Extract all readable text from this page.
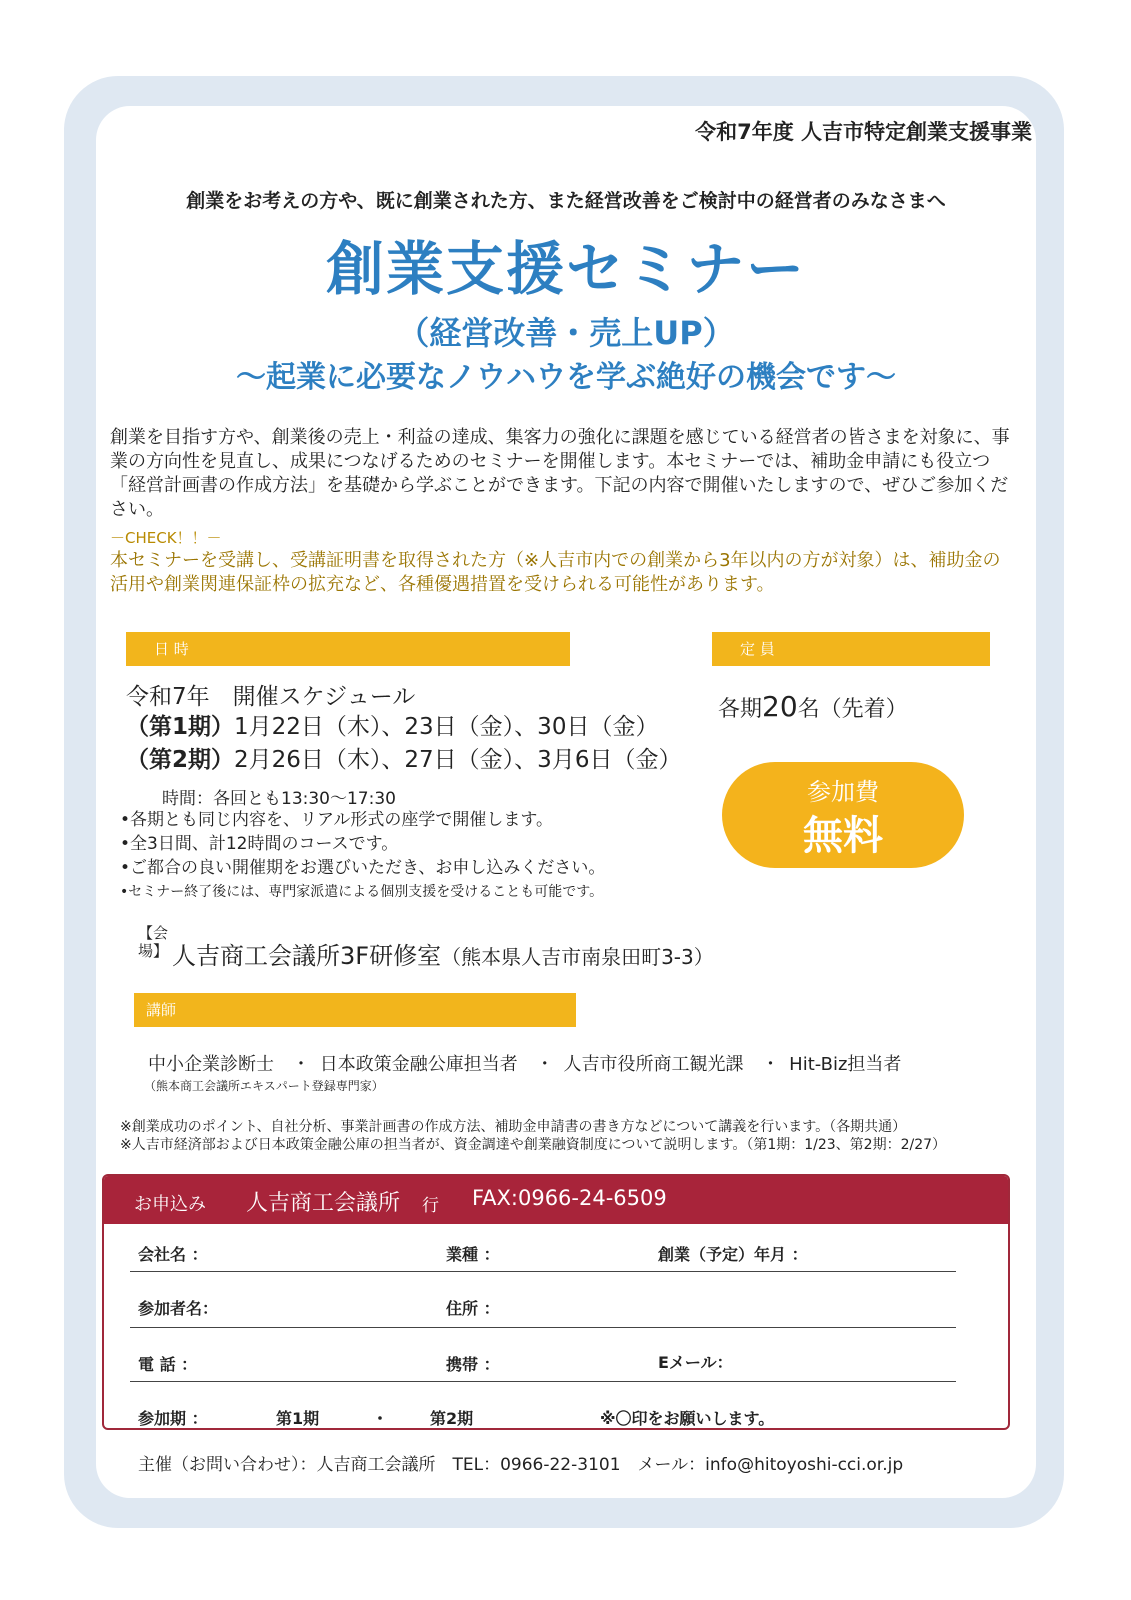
令和7年度 人吉市特定創業支援事業
創業をお考えの方や、既に創業された方、また経営改善をご検討中の経営者のみなさまへ
創業支援セミナー
（経営改善・売上UP）
～起業に必要なノウハウを学ぶ絶好の機会です～
創業を目指す方や、創業後の売上・利益の達成、集客力の強化に課題を感じている経営者の皆さまを対象に、事業の方向性を見直し、成果につなげるためのセミナーを開催します。本セミナーでは、補助金申請にも役立つ「経営計画書の作成方法」を基礎から学ぶことができます。下記の内容で開催いたしますので、ぜひご参加ください。
－CHECK！！－
本セミナーを受講し、受講証明書を取得された方（※人吉市内での創業から3年以内の方が対象）は、補助金の活用や創業関連保証枠の拡充など、各種優遇措置を受けられる可能性があります。
日 時	定 員
令和7年　開催スケジュール
（第1期）1月22日（木）、23日（金）、30日（金）
（第2期）2月26日（木）、27日（金）、3月6日（金）
時間：各回とも13:30～17:30
•各期とも同じ内容を、リアル形式の座学で開催します。
•全3日間、計12時間のコースです。
•ご都合の良い開催期をお選びいただき、お申し込みください。
•セミナー終了後には、専門家派遣による個別支援を受けることも可能です。
各期20名（先着）
参加費
無料
【会場】 人吉商工会議所3F研修室（熊本県人吉市南泉田町3-3）
講師
中小企業診断士　・ 日本政策金融公庫担当者　・ 人吉市役所商工観光課　・ Hit-Biz担当者
（熊本商工会議所エキスパート登録専門家）
※創業成功のポイント、自社分析、事業計画書の作成方法、補助金申請書の書き方などについて講義を行います。（各期共通）
※人吉市経済部および日本政策金融公庫の担当者が、資金調達や創業融資制度について説明します。（第1期：1/23、第2期：2/27）
お申込み 人吉商工会議所 行 FAX:0966-24-6509
会社名 ：	業種 ：	創業（予定）年月 ：
参加者名：	住所 ：
電 話 ：	携帯 ：	Eメール：
参加期 ：	第1期	・	第2期	※〇印をお願いします。
主催（お問い合わせ）：人吉商工会議所　TEL：0966-22-3101　メール：info@hitoyoshi-cci.or.jp
